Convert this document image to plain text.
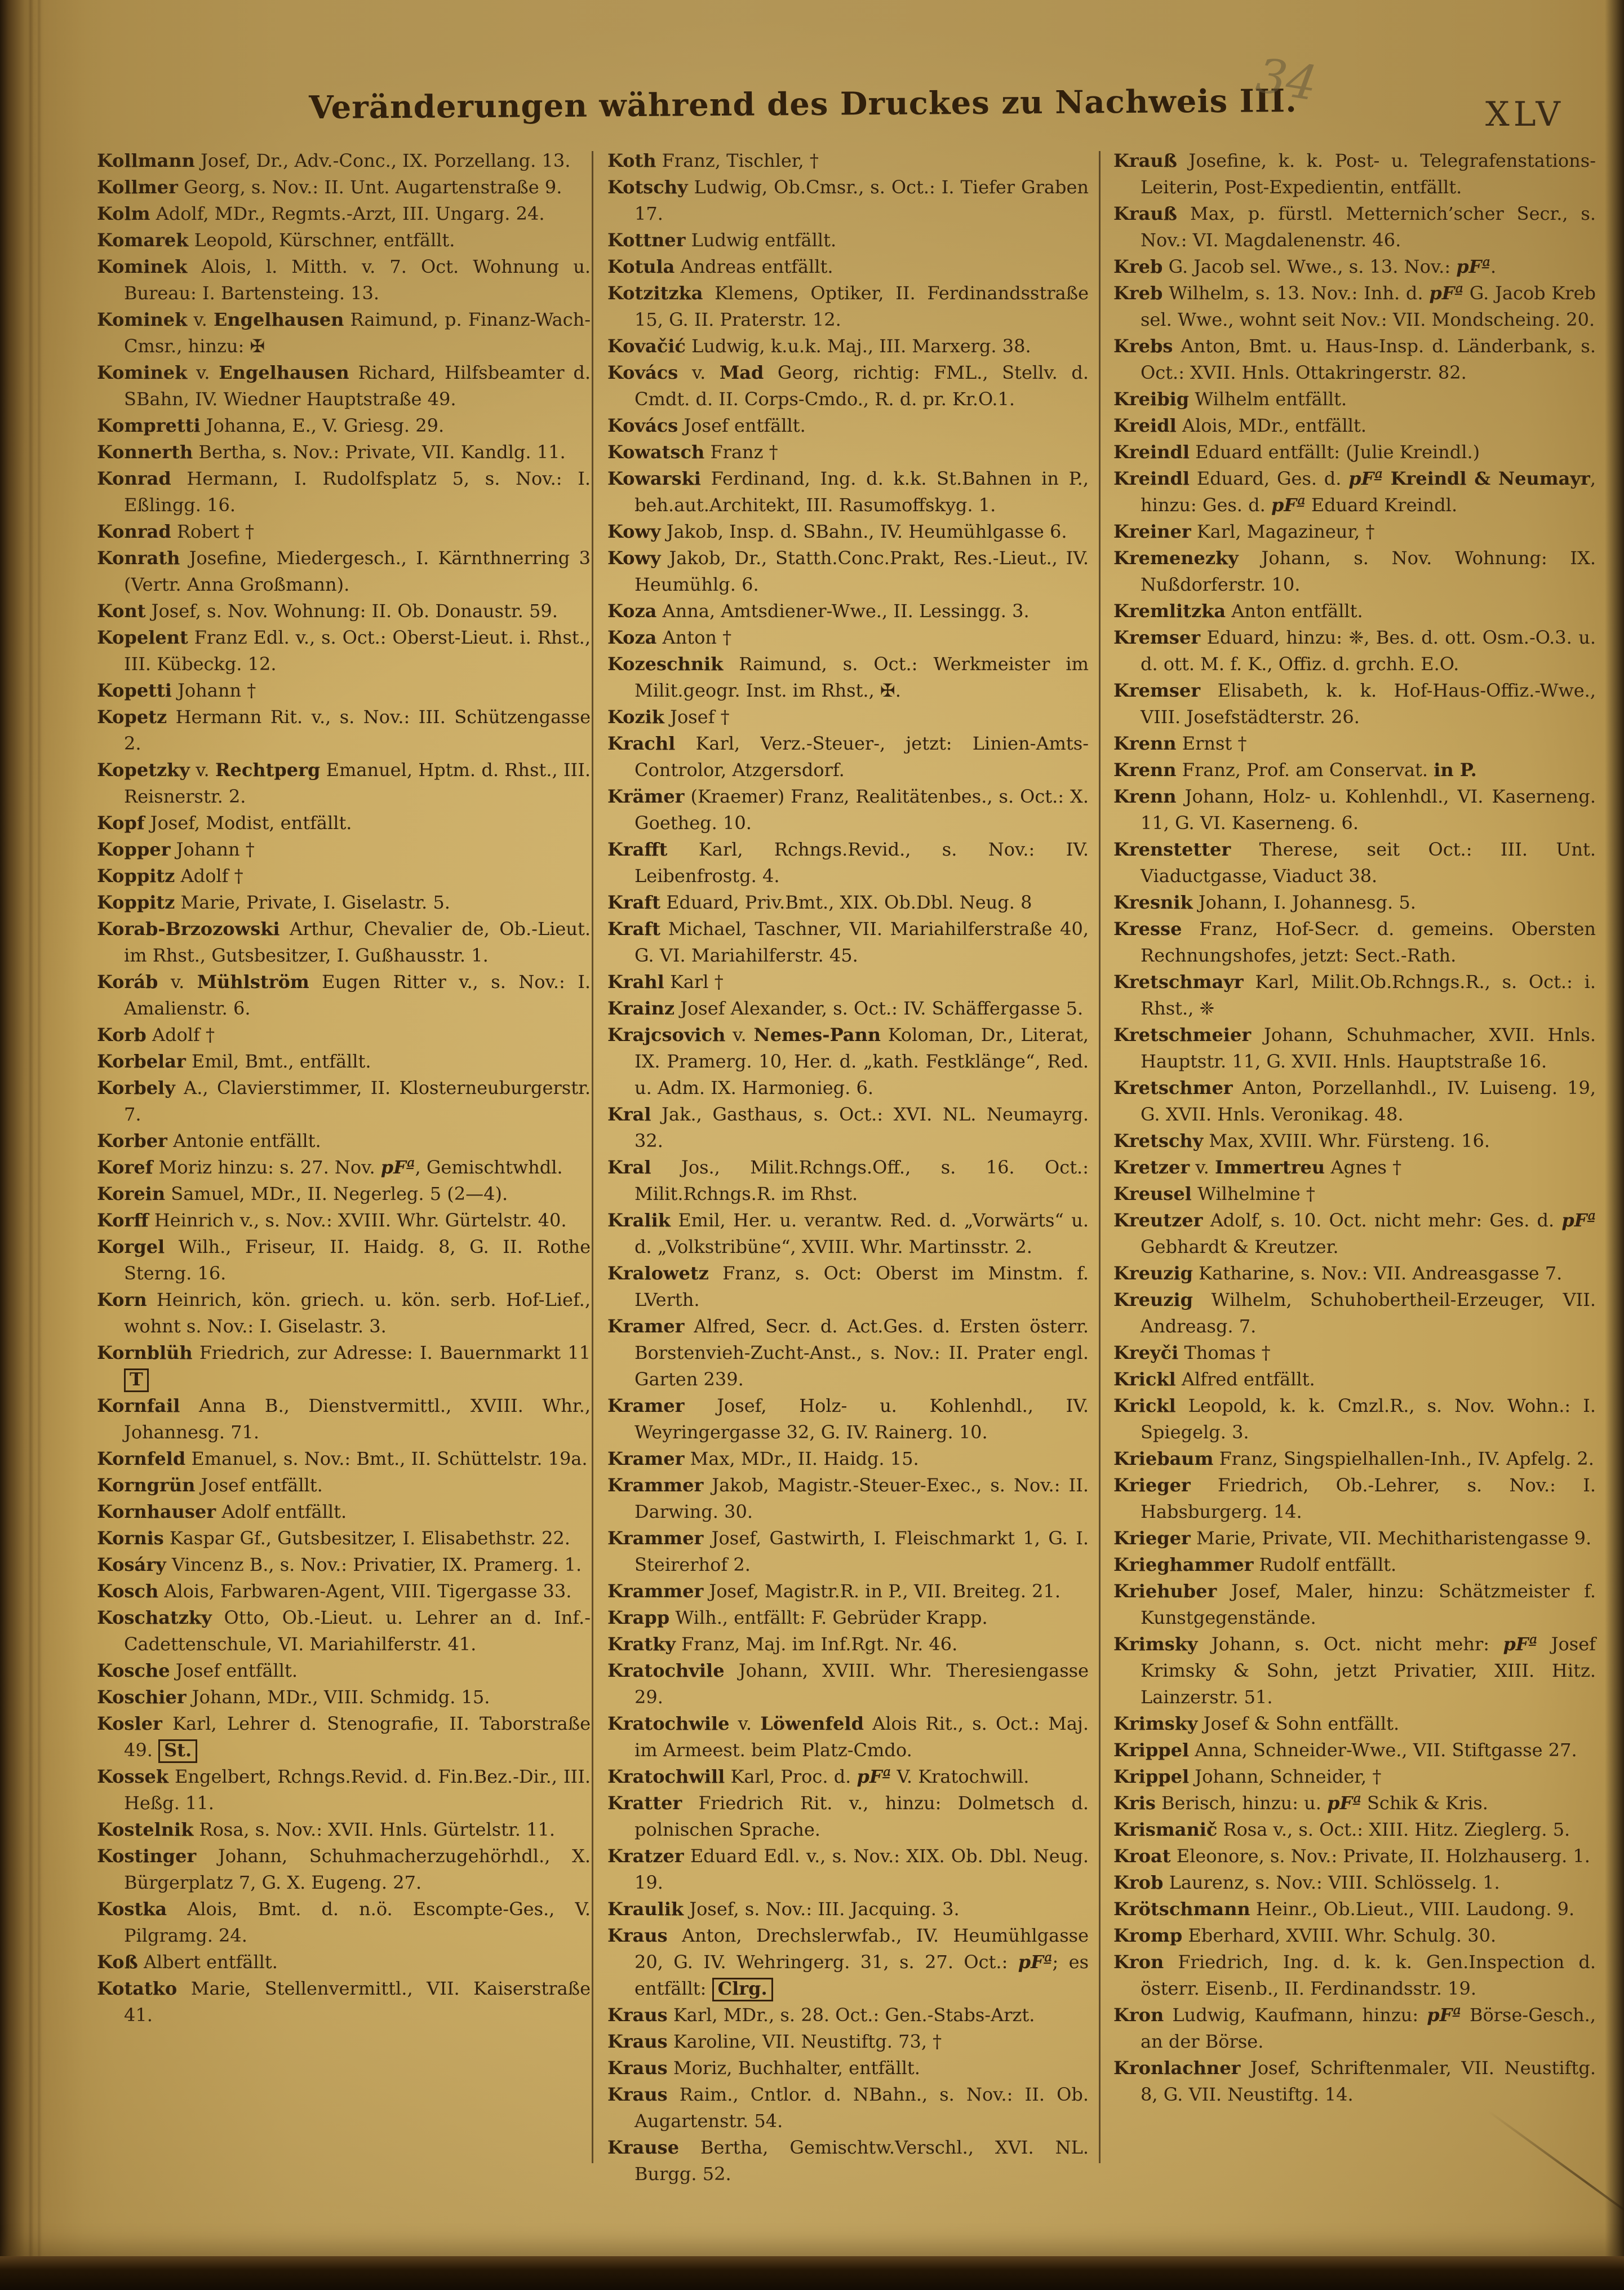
Veränderungen während des Druckes zu Nachweis III.	XLV
34

Kollmann Josef, Dr., Adv.-Conc., IX. Porzellang. 13.

Kollmer Georg, s. Nov.: II. Unt. Augartenstraße 9.

Kolm Adolf, MDr., Regmts.-Arzt, III. Ungarg. 24.

Komarek Leopold, Kürschner, entfällt.

Kominek Alois, l. Mitth. v. 7. Oct. Wohnung u. Bureau: I. Bartensteing. 13.

Kominek v. Engelhausen Raimund, p. Finanz-Wach-Cmsr., hinzu: ✠

Kominek v. Engelhausen Richard, Hilfsbeamter d. SBahn, IV. Wiedner Hauptstraße 49.

Kompretti Johanna, E., V. Griesg. 29.

Konnerth Bertha, s. Nov.: Private, VII. Kandlg. 11.

Konrad Hermann, I. Rudolfsplatz 5, s. Nov.: I. Eßlingg. 16.

Konrad Robert †

Konrath Josefine, Miedergesch., I. Kärnthnerring 3 (Vertr. Anna Großmann).

Kont Josef, s. Nov. Wohnung: II. Ob. Donaustr. 59.

Kopelent Franz Edl. v., s. Oct.: Oberst-Lieut. i. Rhst., III. Kübeckg. 12.

Kopetti Johann †

Kopetz Hermann Rit. v., s. Nov.: III. Schützengasse 2.

Kopetzky v. Rechtperg Emanuel, Hptm. d. Rhst., III. Reisnerstr. 2.

Kopf Josef, Modist, entfällt.

Kopper Johann †

Koppitz Adolf †

Koppitz Marie, Private, I. Giselastr. 5.

Korab-Brzozowski Arthur, Chevalier de, Ob.-Lieut. im Rhst., Gutsbesitzer, I. Gußhausstr. 1.

Koráb v. Mühlström Eugen Ritter v., s. Nov.: I. Amalienstr. 6.

Korb Adolf †

Korbelar Emil, Bmt., entfällt.

Korbely A., Clavierstimmer, II. Klosterneuburgerstr. 7.

Korber Antonie entfällt.

Koref Moriz hinzu: s. 27. Nov. pFª, Gemischtwhdl.

Korein Samuel, MDr., II. Negerleg. 5 (2—4).

Korff Heinrich v., s. Nov.: XVIII. Whr. Gürtelstr. 40.

Korgel Wilh., Friseur, II. Haidg. 8, G. II. Rothe Sterng. 16.

Korn Heinrich, kön. griech. u. kön. serb. Hof-Lief., wohnt s. Nov.: I. Giselastr. 3.

Kornblüh Friedrich, zur Adresse: I. Bauernmarkt 11 T

Kornfail Anna B., Dienstvermittl., XVIII. Whr., Johannesg. 71.

Kornfeld Emanuel, s. Nov.: Bmt., II. Schüttelstr. 19a.

Korngrün Josef entfällt.

Kornhauser Adolf entfällt.

Kornis Kaspar Gf., Gutsbesitzer, I. Elisabethstr. 22.

Kosáry Vincenz B., s. Nov.: Privatier, IX. Pramerg. 1.

Kosch Alois, Farbwaren-Agent, VIII. Tigergasse 33.

Koschatzky Otto, Ob.-Lieut. u. Lehrer an d. Inf.-Cadettenschule, VI. Mariahilferstr. 41.

Kosche Josef entfällt.

Koschier Johann, MDr., VIII. Schmidg. 15.

Kosler Karl, Lehrer d. Stenografie, II. Taborstraße 49. St.

Kossek Engelbert, Rchngs.Revid. d. Fin.Bez.-Dir., III. Heßg. 11.

Kostelnik Rosa, s. Nov.: XVII. Hnls. Gürtelstr. 11.

Kostinger Johann, Schuhmacherzugehörhdl., X. Bürgerplatz 7, G. X. Eugeng. 27.

Kostka Alois, Bmt. d. n.ö. Escompte-Ges., V. Pilgramg. 24.

Koß Albert entfällt.

Kotatko Marie, Stellenvermittl., VII. Kaiserstraße 41.

Koth Franz, Tischler, †

Kotschy Ludwig, Ob.Cmsr., s. Oct.: I. Tiefer Graben 17.

Kottner Ludwig entfällt.

Kotula Andreas entfällt.

Kotzitzka Klemens, Optiker, II. Ferdinandsstraße 15, G. II. Praterstr. 12.

Kovačić Ludwig, k.u.k. Maj., III. Marxerg. 38.

Kovács v. Mad Georg, richtig: FML., Stellv. d. Cmdt. d. II. Corps-Cmdo., R. d. pr. Kr.O.1.

Kovács Josef entfällt.

Kowatsch Franz †

Kowarski Ferdinand, Ing. d. k.k. St.Bahnen in P., beh.aut.Architekt, III. Rasumoffskyg. 1.

Kowy Jakob, Insp. d. SBahn., IV. Heumühlgasse 6.

Kowy Jakob, Dr., Statth.Conc.Prakt, Res.-Lieut., IV. Heumühlg. 6.

Koza Anna, Amtsdiener-Wwe., II. Lessingg. 3.

Koza Anton †

Kozeschnik Raimund, s. Oct.: Werkmeister im Milit.geogr. Inst. im Rhst., ✠.

Kozik Josef †

Krachl Karl, Verz.-Steuer-, jetzt: Linien-Amts-Controlor, Atzgersdorf.

Krämer (Kraemer) Franz, Realitätenbes., s. Oct.: X. Goetheg. 10.

Krafft Karl, Rchngs.Revid., s. Nov.: IV. Leibenfrostg. 4.

Kraft Eduard, Priv.Bmt., XIX. Ob.Dbl. Neug. 8

Kraft Michael, Taschner, VII. Mariahilferstraße 40, G. VI. Mariahilferstr. 45.

Krahl Karl †

Krainz Josef Alexander, s. Oct.: IV. Schäffergasse 5.

Krajcsovich v. Nemes-Pann Koloman, Dr., Literat, IX. Pramerg. 10, Her. d. „kath. Festklänge“, Red. u. Adm. IX. Harmonieg. 6.

Kral Jak., Gasthaus, s. Oct.: XVI. NL. Neumayrg. 32.

Kral Jos., Milit.Rchngs.Off., s. 16. Oct.: Milit.Rchngs.R. im Rhst.

Kralik Emil, Her. u. verantw. Red. d. „Vorwärts“ u. d. „Volkstribüne“, XVIII. Whr. Martinsstr. 2.

Kralowetz Franz, s. Oct: Oberst im Minstm. f. LVerth.

Kramer Alfred, Secr. d. Act.Ges. d. Ersten österr. Borstenvieh-Zucht-Anst., s. Nov.: II. Prater engl. Garten 239.

Kramer Josef, Holz- u. Kohlenhdl., IV. Weyringergasse 32, G. IV. Rainerg. 10.

Kramer Max, MDr., II. Haidg. 15.

Krammer Jakob, Magistr.-Steuer-Exec., s. Nov.: II. Darwing. 30.

Krammer Josef, Gastwirth, I. Fleischmarkt 1, G. I. Steirerhof 2.

Krammer Josef, Magistr.R. in P., VII. Breiteg. 21.

Krapp Wilh., entfällt: F. Gebrüder Krapp.

Kratky Franz, Maj. im Inf.Rgt. Nr. 46.

Kratochvile Johann, XVIII. Whr. Theresiengasse 29.

Kratochwile v. Löwenfeld Alois Rit., s. Oct.: Maj. im Armeest. beim Platz-Cmdo.

Kratochwill Karl, Proc. d. pFª V. Kratochwill.

Kratter Friedrich Rit. v., hinzu: Dolmetsch d. polnischen Sprache.

Kratzer Eduard Edl. v., s. Nov.: XIX. Ob. Dbl. Neug. 19.

Kraulik Josef, s. Nov.: III. Jacquing. 3.

Kraus Anton, Drechslerwfab., IV. Heumühlgasse 20, G. IV. Wehringerg. 31, s. 27. Oct.: pFª; es entfällt: Clrg.

Kraus Karl, MDr., s. 28. Oct.: Gen.-Stabs-Arzt.

Kraus Karoline, VII. Neustiftg. 73, †

Kraus Moriz, Buchhalter, entfällt.

Kraus Raim., Cntlor. d. NBahn., s. Nov.: II. Ob. Augartenstr. 54.

Krause Bertha, Gemischtw.Verschl., XVI. NL. Burgg. 52.

Krauß Josefine, k. k. Post- u. Telegrafenstations-Leiterin, Post-Expedientin, entfällt.

Krauß Max, p. fürstl. Metternich’scher Secr., s. Nov.: VI. Magdalenenstr. 46.

Kreb G. Jacob sel. Wwe., s. 13. Nov.: pFª.

Kreb Wilhelm, s. 13. Nov.: Inh. d. pFª G. Jacob Kreb sel. Wwe., wohnt seit Nov.: VII. Mondscheing. 20.

Krebs Anton, Bmt. u. Haus-Insp. d. Länderbank, s. Oct.: XVII. Hnls. Ottakringerstr. 82.

Kreibig Wilhelm entfällt.

Kreidl Alois, MDr., entfällt.

Kreindl Eduard entfällt: (Julie Kreindl.)

Kreindl Eduard, Ges. d. pFª Kreindl & Neumayr, hinzu: Ges. d. pFª Eduard Kreindl.

Kreiner Karl, Magazineur, †

Kremenezky Johann, s. Nov. Wohnung: IX. Nußdorferstr. 10.

Kremlitzka Anton entfällt.

Kremser Eduard, hinzu: ❈, Bes. d. ott. Osm.-O.3. u. d. ott. M. f. K., Offiz. d. grchh. E.O.

Kremser Elisabeth, k. k. Hof-Haus-Offiz.-Wwe., VIII. Josefstädterstr. 26.

Krenn Ernst †

Krenn Franz, Prof. am Conservat. in P.

Krenn Johann, Holz- u. Kohlenhdl., VI. Kaserneng. 11, G. VI. Kaserneng. 6.

Krenstetter Therese, seit Oct.: III. Unt. Viaductgasse, Viaduct 38.

Kresnik Johann, I. Johannesg. 5.

Kresse Franz, Hof-Secr. d. gemeins. Obersten Rechnungshofes, jetzt: Sect.-Rath.

Kretschmayr Karl, Milit.Ob.Rchngs.R., s. Oct.: i. Rhst., ❈

Kretschmeier Johann, Schuhmacher, XVII. Hnls. Hauptstr. 11, G. XVII. Hnls. Hauptstraße 16.

Kretschmer Anton, Porzellanhdl., IV. Luiseng. 19, G. XVII. Hnls. Veronikag. 48.

Kretschy Max, XVIII. Whr. Fürsteng. 16.

Kretzer v. Immertreu Agnes †

Kreusel Wilhelmine †

Kreutzer Adolf, s. 10. Oct. nicht mehr: Ges. d. pFª Gebhardt & Kreutzer.

Kreuzig Katharine, s. Nov.: VII. Andreasgasse 7.

Kreuzig Wilhelm, Schuhobertheil-Erzeuger, VII. Andreasg. 7.

Kreyči Thomas †

Krickl Alfred entfällt.

Krickl Leopold, k. k. Cmzl.R., s. Nov. Wohn.: I. Spiegelg. 3.

Kriebaum Franz, Singspielhallen-Inh., IV. Apfelg. 2.

Krieger Friedrich, Ob.-Lehrer, s. Nov.: I. Habsburgerg. 14.

Krieger Marie, Private, VII. Mechitharistengasse 9.

Krieghammer Rudolf entfällt.

Kriehuber Josef, Maler, hinzu: Schätzmeister f. Kunstgegenstände.

Krimsky Johann, s. Oct. nicht mehr: pFª Josef Krimsky & Sohn, jetzt Privatier, XIII. Hitz. Lainzerstr. 51.

Krimsky Josef & Sohn entfällt.

Krippel Anna, Schneider-Wwe., VII. Stiftgasse 27.

Krippel Johann, Schneider, †

Kris Berisch, hinzu: u. pFª Schik & Kris.

Krismanič Rosa v., s. Oct.: XIII. Hitz. Zieglerg. 5.

Kroat Eleonore, s. Nov.: Private, II. Holzhauserg. 1.

Krob Laurenz, s. Nov.: VIII. Schlösselg. 1.

Krötschmann Heinr., Ob.Lieut., VIII. Laudong. 9.

Kromp Eberhard, XVIII. Whr. Schulg. 30.

Kron Friedrich, Ing. d. k. k. Gen.Inspection d. österr. Eisenb., II. Ferdinandsstr. 19.

Kron Ludwig, Kaufmann, hinzu: pFª Börse-Gesch., an der Börse.

Kronlachner Josef, Schriftenmaler, VII. Neustiftg. 8, G. VII. Neustiftg. 14.
